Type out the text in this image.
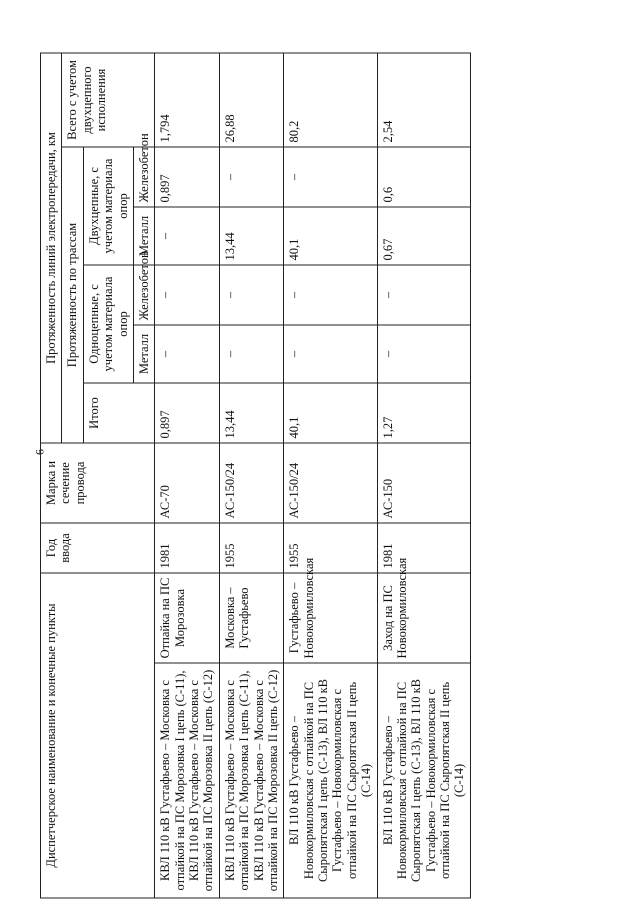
6
Диспетчерское наименование и конечные пункты		Год ввода	Марка и сечение провода	Протяженность линий электропередачи, км					
				Протяженность по трассам					Всего с учетом двухцепного исполнения
				Итого	Одноцепные, с учетом материала опор		Двухцепные, с учетом материала опор		
					Металл	Железобетон	Металл	Железобетон	
КВЛ 110 кВ Густафьево – Московка с отпайкой на ПС Морозовка I цепь (С-11), КВЛ 110 кВ Густафьево – Московка с отпайкой на ПС Морозовка II цепь (С-12)	Отпайка на ПС Морозовка	1981	АС-70	0,897	–	–	–	0,897	1,794
КВЛ 110 кВ Густафьево – Московка с отпайкой на ПС Морозовка I цепь (С-11), КВЛ 110 кВ Густафьево – Московка с отпайкой на ПС Морозовка II цепь (С-12)	Московка – Густафьево	1955	АС-150/24	13,44	–	–	13,44	–	26,88
ВЛ 110 кВ Густафьево – Новокормиловская с отпайкой на ПС Сыропятская I цепь (С-13), ВЛ 110 кВ Густафьево – Новокормиловская с отпайкой на ПС Сыропятская II цепь (С-14)	Густафьево – Новокормиловская	1955	АС-150/24	40,1	–	–	40,1	–	80,2
ВЛ 110 кВ Густафьево – Новокормиловская с отпайкой на ПС Сыропятская I цепь (С-13), ВЛ 110 кВ Густафьево – Новокормиловская с отпайкой на ПС Сыропятская II цепь (С-14)	Заход на ПС Новокормиловская	1981	АС-150	1,27	–	–	0,67	0,6	2,54
